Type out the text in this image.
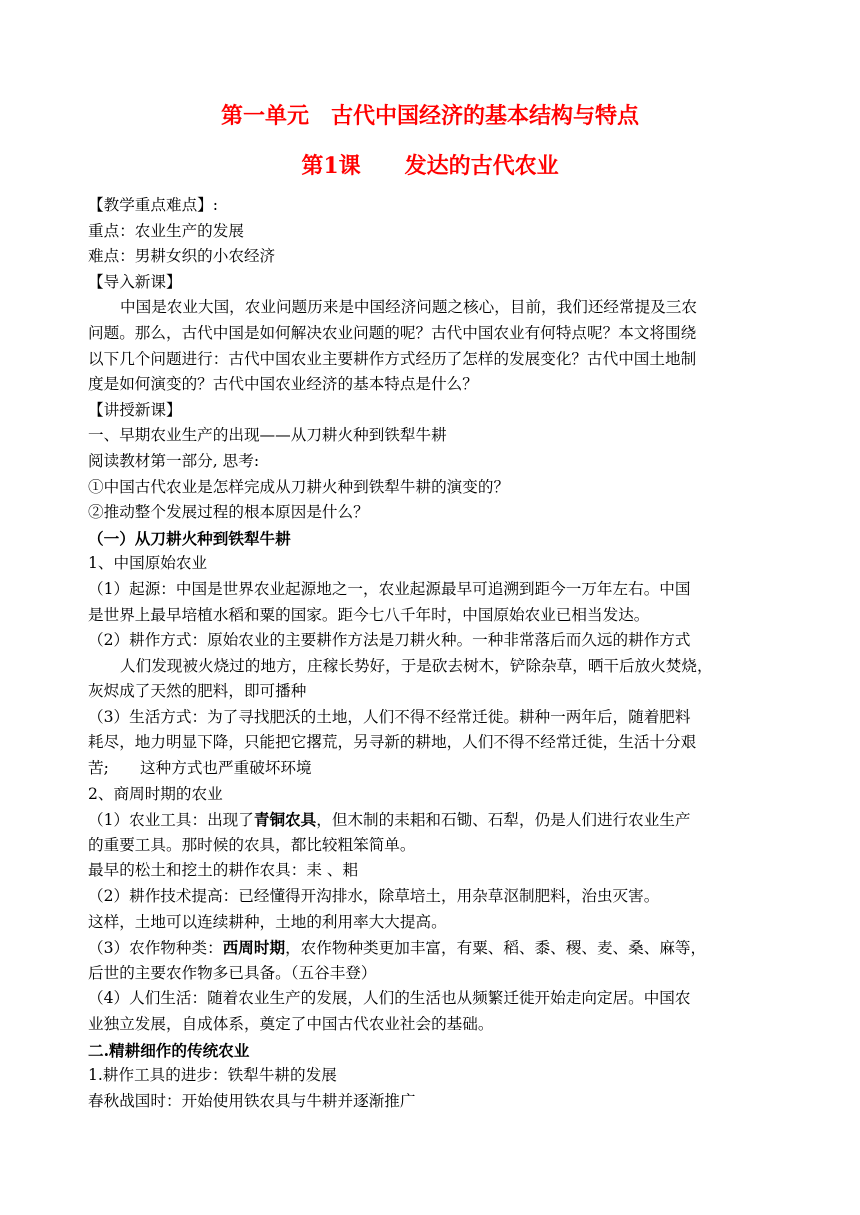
第一单元　古代中国经济的基本结构与特点
第1课　　发达的古代农业
【教学重点难点】:
重点：农业生产的发展
难点：男耕女织的小农经济
【导入新课】
中国是农业大国，农业问题历来是中国经济问题之核心，目前，我们还经常提及三农
问题。那么，古代中国是如何解决农业问题的呢？古代中国农业有何特点呢？本文将围绕
以下几个问题进行：古代中国农业主要耕作方式经历了怎样的发展变化？古代中国土地制
度是如何演变的？古代中国农业经济的基本特点是什么？
【讲授新课】
一、早期农业生产的出现——从刀耕火种到铁犁牛耕
阅读教材第一部分, 思考:
①中国古代农业是怎样完成从刀耕火种到铁犁牛耕的演变的？
②推动整个发展过程的根本原因是什么？
（一）从刀耕火种到铁犁牛耕
1、中国原始农业
（1）起源：中国是世界农业起源地之一，农业起源最早可追溯到距今一万年左右。中国
是世界上最早培植水稻和粟的国家。距今七八千年时，中国原始农业已相当发达。
（2）耕作方式：原始农业的主要耕作方法是刀耕火种。一种非常落后而久远的耕作方式
人们发现被火烧过的地方，庄稼长势好，于是砍去树木，铲除杂草，晒干后放火焚烧，
灰烬成了天然的肥料，即可播种
（3）生活方式：为了寻找肥沃的土地，人们不得不经常迁徙。耕种一两年后，随着肥料
耗尽，地力明显下降，只能把它撂荒，另寻新的耕地，人们不得不经常迁徙，生活十分艰
苦;　　这种方式也严重破坏环境
2、商周时期的农业
（1）农业工具：出现了青铜农具，但木制的耒耜和石锄、石犁，仍是人们进行农业生产
的重要工具。那时候的农具，都比较粗笨简单。
最早的松土和挖土的耕作农具：耒 、耜
（2）耕作技术提高：已经懂得开沟排水，除草培土，用杂草沤制肥料，治虫灭害。
这样，土地可以连续耕种，土地的利用率大大提高。
（3）农作物种类：西周时期，农作物种类更加丰富，有粟、稻、黍、稷、麦、桑、麻等，
后世的主要农作物多已具备。（五谷丰登）
（4）人们生活：随着农业生产的发展，人们的生活也从频繁迁徙开始走向定居。中国农
业独立发展，自成体系，奠定了中国古代农业社会的基础。
二.精耕细作的传统农业
1.耕作工具的进步：铁犁牛耕的发展
春秋战国时：开始使用铁农具与牛耕并逐渐推广
